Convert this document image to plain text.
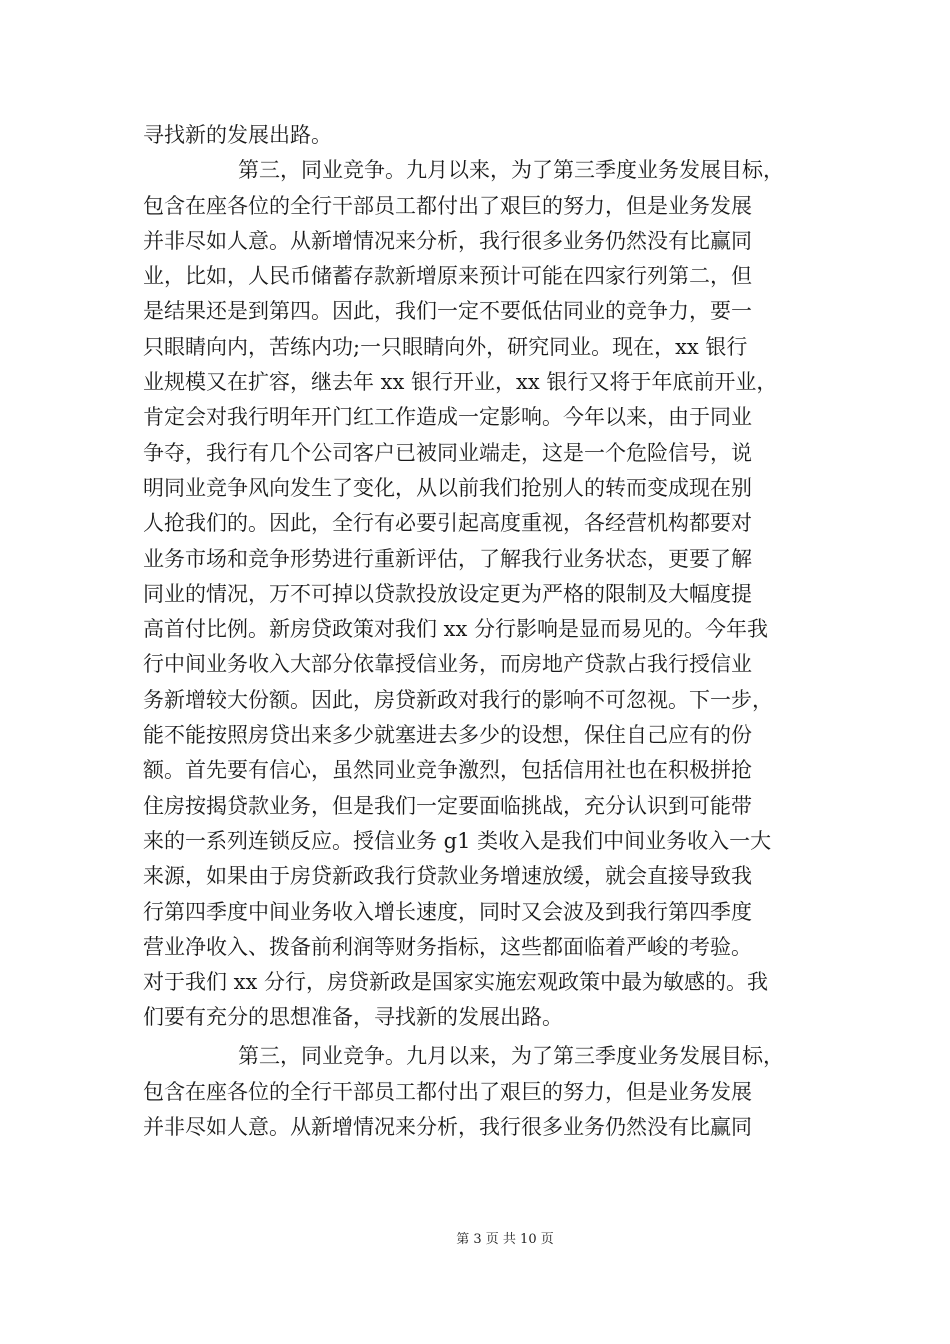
寻找新的发展出路。
第三，同业竞争。九月以来，为了第三季度业务发展目标，
包含在座各位的全行干部员工都付出了艰巨的努力，但是业务发展
并非尽如人意。从新增情况来分析，我行很多业务仍然没有比赢同
业，比如，人民币储蓄存款新增原来预计可能在四家行列第二，但
是结果还是到第四。因此，我们一定不要低估同业的竞争力，要一
只眼睛向内，苦练内功;一只眼睛向外，研究同业。现在，xx 银行
业规模又在扩容，继去年 xx 银行开业，xx 银行又将于年底前开业，
肯定会对我行明年开门红工作造成一定影响。今年以来，由于同业
争夺，我行有几个公司客户已被同业端走，这是一个危险信号，说
明同业竞争风向发生了变化，从以前我们抢别人的转而变成现在别
人抢我们的。因此，全行有必要引起高度重视，各经营机构都要对
业务市场和竞争形势进行重新评估，了解我行业务状态，更要了解
同业的情况，万不可掉以贷款投放设定更为严格的限制及大幅度提
高首付比例。新房贷政策对我们 xx 分行影响是显而易见的。今年我
行中间业务收入大部分依靠授信业务，而房地产贷款占我行授信业
务新增较大份额。因此，房贷新政对我行的影响不可忽视。下一步，
能不能按照房贷出来多少就塞进去多少的设想，保住自己应有的份
额。首先要有信心，虽然同业竞争激烈，包括信用社也在积极拼抢
住房按揭贷款业务，但是我们一定要面临挑战，充分认识到可能带
来的一系列连锁反应。授信业务 g1 类收入是我们中间业务收入一大
来源，如果由于房贷新政我行贷款业务增速放缓，就会直接导致我
行第四季度中间业务收入增长速度，同时又会波及到我行第四季度
营业净收入、拨备前利润等财务指标，这些都面临着严峻的考验。
对于我们 xx 分行，房贷新政是国家实施宏观政策中最为敏感的。我
们要有充分的思想准备，寻找新的发展出路。
第三，同业竞争。九月以来，为了第三季度业务发展目标，
包含在座各位的全行干部员工都付出了艰巨的努力，但是业务发展
并非尽如人意。从新增情况来分析，我行很多业务仍然没有比赢同
第 3 页 共 10 页
